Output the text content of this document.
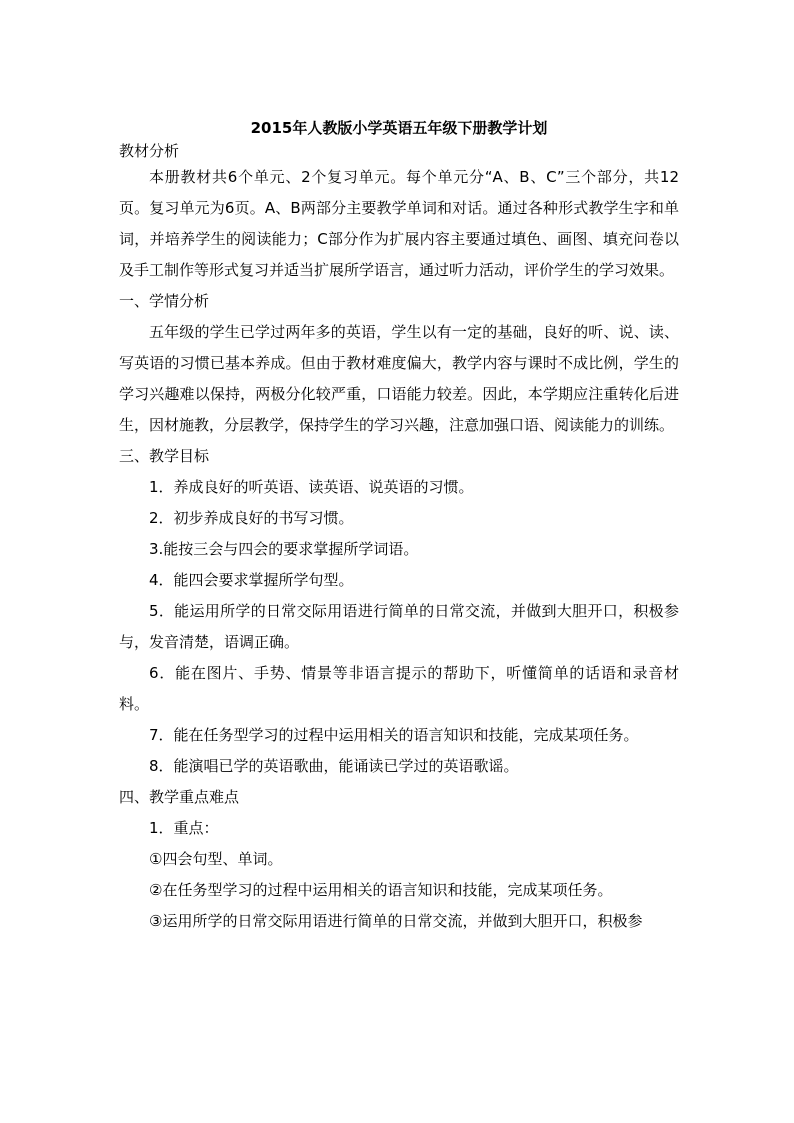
2015年人教版小学英语五年级下册教学计划

教材分析

本册教材共6个单元、2个复习单元。每个单元分“A、B、C”三个部分，共12页。复习单元为6页。A、B两部分主要教学单词和对话。通过各种形式教学生字和单词，并培养学生的阅读能力；C部分作为扩展内容主要通过填色、画图、填充问卷以及手工制作等形式复习并适当扩展所学语言，通过听力活动，评价学生的学习效果。

一、学情分析

五年级的学生已学过两年多的英语，学生以有一定的基础，良好的听、说、读、写英语的习惯已基本养成。但由于教材难度偏大，教学内容与课时不成比例，学生的学习兴趣难以保持，两极分化较严重，口语能力较差。因此，本学期应注重转化后进生，因材施教，分层教学，保持学生的学习兴趣，注意加强口语、阅读能力的训练。

三、教学目标

1．养成良好的听英语、读英语、说英语的习惯。

2．初步养成良好的书写习惯。

3.能按三会与四会的要求掌握所学词语。

4．能四会要求掌握所学句型。

5．能运用所学的日常交际用语进行简单的日常交流，并做到大胆开口，积极参与，发音清楚，语调正确。

6．能在图片、手势、情景等非语言提示的帮助下，听懂简单的话语和录音材料。

7．能在任务型学习的过程中运用相关的语言知识和技能，完成某项任务。

8．能演唱已学的英语歌曲，能诵读已学过的英语歌谣。

四、教学重点难点

1．重点：

①四会句型、单词。

②在任务型学习的过程中运用相关的语言知识和技能，完成某项任务。

③运用所学的日常交际用语进行简单的日常交流，并做到大胆开口，积极参
